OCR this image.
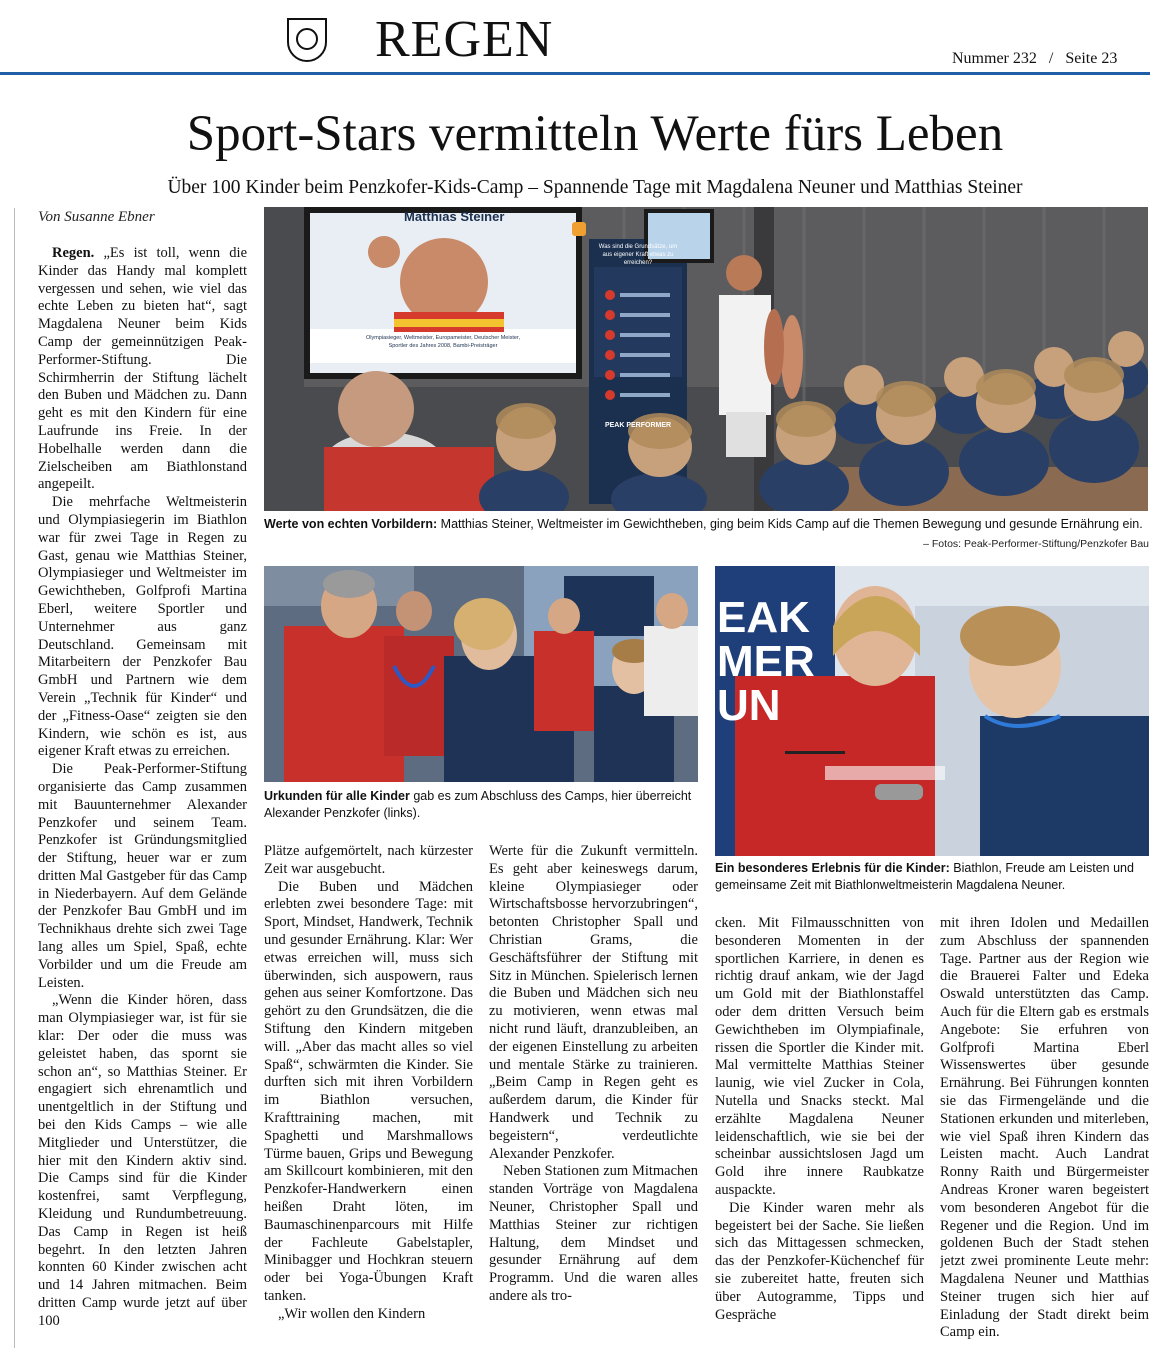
REGEN	Nummer 232 / Seite 23
Sport-Stars vermitteln Werte fürs Leben
Über 100 Kinder beim Penzkofer-Kids-Camp – Spannende Tage mit Magdalena Neuner und Matthias Steiner
Von Susanne Ebner

Regen. „Es ist toll, wenn die Kinder das Handy mal komplett vergessen und sehen, wie viel das echte Leben zu bieten hat“, sagt Magdalena Neuner beim Kids Camp der gemeinnützigen Peak-Performer-Stiftung. Die Schirmherrin der Stiftung lächelt den Buben und Mädchen zu. Dann geht es mit den Kindern für eine Laufrunde ins Freie. In der Hobelhalle werden dann die Zielscheiben am Biathlonstand angepeilt.

Die mehrfache Weltmeisterin und Olympiasiegerin im Biathlon war für zwei Tage in Regen zu Gast, genau wie Matthias Steiner, Olympiasieger und Weltmeister im Gewichtheben, Golfprofi Martina Eberl, weitere Sportler und Unternehmer aus ganz Deutschland. Gemeinsam mit Mitarbeitern der Penzkofer Bau GmbH und Partnern wie dem Verein „Technik für Kinder“ und der „Fitness-Oase“ zeigten sie den Kindern, wie schön es ist, aus eigener Kraft etwas zu erreichen.

Die Peak-Performer-Stiftung organisierte das Camp zusammen mit Bauunternehmer Alexander Penzkofer und seinem Team. Penzkofer ist Gründungsmitglied der Stiftung, heuer war er zum dritten Mal Gastgeber für das Camp in Niederbayern. Auf dem Gelände der Penzkofer Bau GmbH und im Technikhaus drehte sich zwei Tage lang alles um Spiel, Spaß, echte Vorbilder und um die Freude am Leisten.

„Wenn die Kinder hören, dass man Olympiasieger war, ist für sie klar: Der oder die muss was geleistet haben, das spornt sie schon an“, so Matthias Steiner. Er engagiert sich ehrenamtlich und unentgeltlich in der Stiftung und bei den Kids Camps – wie alle Mitglieder und Unterstützer, die hier mit den Kindern aktiv sind. Die Camps sind für die Kinder kostenfrei, samt Verpflegung, Kleidung und Rundumbetreuung. Das Camp in Regen ist heiß begehrt. In den letzten Jahren konnten 60 Kinder zwischen acht und 14 Jahren mitmachen. Beim dritten Camp wurde jetzt auf über 100

Matthias Steiner
Olympiasieger, Weltmeister, Europameister, Deutscher Meister,
Sportler des Jahres 2008, Bambi-Preisträger
Was sind die Grundsätze, um aus eigener Kraft etwas zu erreichen?
PEAK PERFORMER
Werte von echten Vorbildern: Matthias Steiner, Weltmeister im Gewichtheben, ging beim Kids Camp auf die Themen Bewegung und gesunde Ernährung ein.
– Fotos: Peak-Performer-Stiftung/Penzkofer Bau
Urkunden für alle Kinder gab es zum Abschluss des Camps, hier überreicht Alexander Penzkofer (links).
EAK
MER
UN
Ein besonderes Erlebnis für die Kinder: Biathlon, Freude am Leisten und gemeinsame Zeit mit Biathlonweltmeisterin Magdalena Neuner.

Plätze aufgemörtelt, nach kürzester Zeit war ausgebucht.

Die Buben und Mädchen erlebten zwei besondere Tage: mit Sport, Mindset, Handwerk, Technik und gesunder Ernährung. Klar: Wer etwas erreichen will, muss sich überwinden, sich auspowern, raus gehen aus seiner Komfortzone. Das gehört zu den Grundsätzen, die die Stiftung den Kindern mitgeben will. „Aber das macht alles so viel Spaß“, schwärmten die Kinder. Sie durften sich mit ihren Vorbildern im Biathlon versuchen, Krafttraining machen, mit Spaghetti und Marshmallows Türme bauen, Grips und Bewegung am Skillcourt kombinieren, mit den Penzkofer-Handwerkern einen heißen Draht löten, im Baumaschinenparcours mit Hilfe der Fachleute Gabelstapler, Minibagger und Hochkran steuern oder bei Yoga-Übungen Kraft tanken.

„Wir wollen den Kindern

Werte für die Zukunft vermitteln. Es geht aber keineswegs darum, kleine Olympiasieger oder Wirtschaftsbosse hervorzubringen“, betonten Christopher Spall und Christian Grams, die Geschäftsführer der Stiftung mit Sitz in München. Spielerisch lernen die Buben und Mädchen sich neu zu motivieren, wenn etwas mal nicht rund läuft, dranzubleiben, an der eigenen Einstellung zu arbeiten und mentale Stärke zu trainieren. „Beim Camp in Regen geht es außerdem darum, die Kinder für Handwerk und Technik zu begeistern“, verdeutlichte Alexander Penzkofer.

Neben Stationen zum Mitmachen standen Vorträge von Magdalena Neuner, Christopher Spall und Matthias Steiner zur richtigen Haltung, dem Mindset und gesunder Ernährung auf dem Programm. Und die waren alles andere als tro-

cken. Mit Filmausschnitten von besonderen Momenten in der sportlichen Karriere, in denen es richtig drauf ankam, wie der Jagd um Gold mit der Biathlonstaffel oder dem dritten Versuch beim Gewichtheben im Olympiafinale, rissen die Sportler die Kinder mit. Mal vermittelte Matthias Steiner launig, wie viel Zucker in Cola, Nutella und Snacks steckt. Mal erzählte Magdalena Neuner leidenschaftlich, wie sie bei der scheinbar aussichtslosen Jagd um Gold ihre innere Raubkatze auspackte.

Die Kinder waren mehr als begeistert bei der Sache. Sie ließen sich das Mittagessen schmecken, das der Penzkofer-Küchenchef für sie zubereitet hatte, freuten sich über Autogramme, Tipps und Gespräche

mit ihren Idolen und Medaillen zum Abschluss der spannenden Tage. Partner aus der Region wie die Brauerei Falter und Edeka Oswald unterstützten das Camp. Auch für die Eltern gab es erstmals Angebote: Sie erfuhren von Golfprofi Martina Eberl Wissenswertes über gesunde Ernährung. Bei Führungen konnten sie das Firmengelände und die Stationen erkunden und miterleben, wie viel Spaß ihren Kindern das Leisten macht. Auch Landrat Ronny Raith und Bürgermeister Andreas Kroner waren begeistert vom besonderen Angebot für die Regener und die Region. Und im goldenen Buch der Stadt stehen jetzt zwei prominente Leute mehr: Magdalena Neuner und Matthias Steiner trugen sich hier auf Einladung der Stadt direkt beim Camp ein.
